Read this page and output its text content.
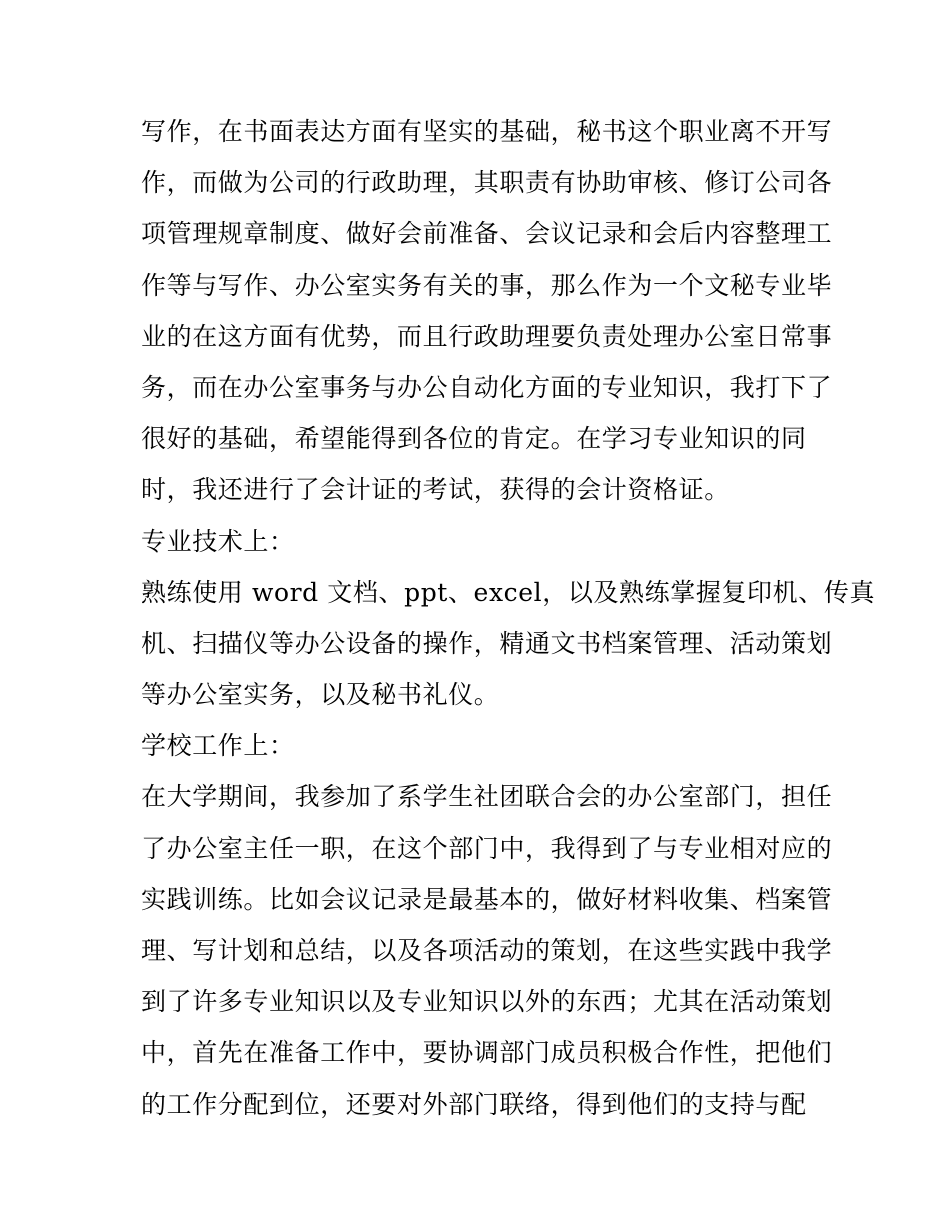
写作，在书面表达方面有坚实的基础，秘书这个职业离不开写
作，而做为公司的行政助理，其职责有协助审核、修订公司各
项管理规章制度、做好会前准备、会议记录和会后内容整理工
作等与写作、办公室实务有关的事，那么作为一个文秘专业毕
业的在这方面有优势，而且行政助理要负责处理办公室日常事
务，而在办公室事务与办公自动化方面的专业知识，我打下了
很好的基础，希望能得到各位的肯定。在学习专业知识的同
时，我还进行了会计证的考试，获得的会计资格证。
专业技术上：
熟练使用 word 文档、ppt、excel，以及熟练掌握复印机、传真
机、扫描仪等办公设备的操作，精通文书档案管理、活动策划
等办公室实务，以及秘书礼仪。
学校工作上：
在大学期间，我参加了系学生社团联合会的办公室部门，担任
了办公室主任一职，在这个部门中，我得到了与专业相对应的
实践训练。比如会议记录是最基本的，做好材料收集、档案管
理、写计划和总结，以及各项活动的策划，在这些实践中我学
到了许多专业知识以及专业知识以外的东西；尤其在活动策划
中，首先在准备工作中，要协调部门成员积极合作性，把他们
的工作分配到位，还要对外部门联络，得到他们的支持与配
